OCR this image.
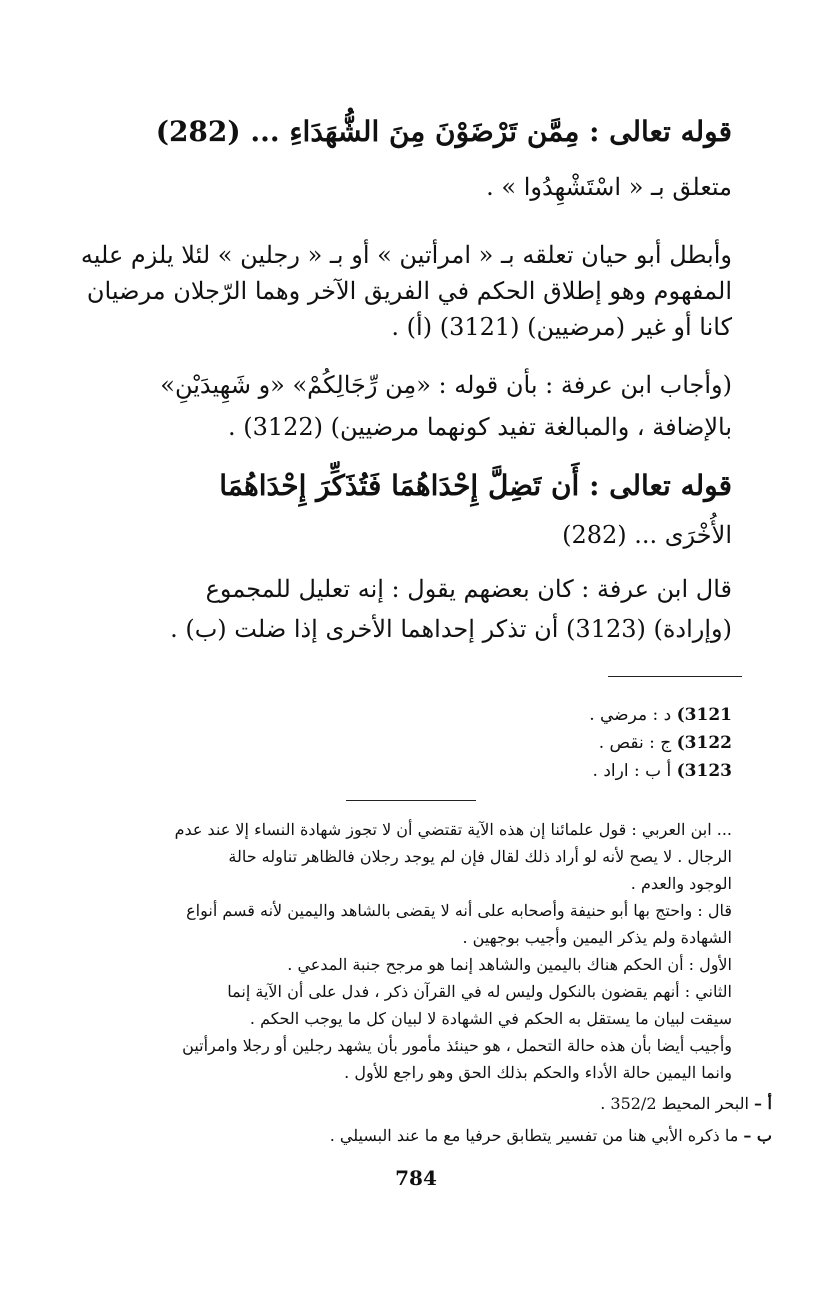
قوله تعالى : مِمَّن تَرْضَوْنَ مِنَ الشُّهَدَاءِ ... (282)
متعلق بـ « اسْتَشْهِدُوا » .
وأبطل أبو حيان تعلقه بـ « امرأتين » أو بـ « رجلين » لئلا يلزم عليه
المفهوم وهو إطلاق الحكم في الفريق الآخر وهما الرّجلان مرضيان
كانا أو غير (مرضيين) (3121) (أ) .
(وأجاب ابن عرفة : بأن قوله : «مِن رِّجَالِكُمْ» «و شَهِيدَيْنِ»
بالإضافة ، والمبالغة تفيد كونهما مرضيين) (3122) .
قوله تعالى : أَن تَضِلَّ إِحْدَاهُمَا فَتُذَكِّرَ إِحْدَاهُمَا
الأُخْرَى ... (282)
قال ابن عرفة : كان بعضهم يقول : إنه تعليل للمجموع
(وإرادة) (3123) أن تذكر إحداهما الأخرى إذا ضلت (ب) .
3121) د : مرضي .
3122) ج : نقص .
3123) أ ب : اراد .
... ابن العربي : قول علمائنا إن هذه الآية تقتضي أن لا تجوز شهادة النساء إلا عند عدم
الرجال . لا يصح لأنه لو أراد ذلك لقال فإن لم يوجد رجلان فالظاهر تناوله حالة
الوجود والعدم .
قال : واحتج بها أبو حنيفة وأصحابه على أنه لا يقضى بالشاهد واليمين لأنه قسم أنواع
الشهادة ولم يذكر اليمين وأجيب بوجهين .
الأول : أن الحكم هناك باليمين والشاهد إنما هو مرجح جنبة المدعي .
الثاني : أنهم يقضون بالنكول وليس له في القرآن ذكر ، فدل على أن الآية إنما
سيقت لبيان ما يستقل به الحكم في الشهادة لا لبيان كل ما يوجب الحكم .
وأجيب أيضا بأن هذه حالة التحمل ، هو حينئذ مأمور بأن يشهد رجلين أو رجلا وامرأتين
وانما اليمين حالة الأداء والحكم بذلك الحق وهو راجع للأول .
أ – البحر المحيط 352/2 .
ب – ما ذكره الأبي هنا من تفسير يتطابق حرفيا مع ما عند البسيلي .
784
